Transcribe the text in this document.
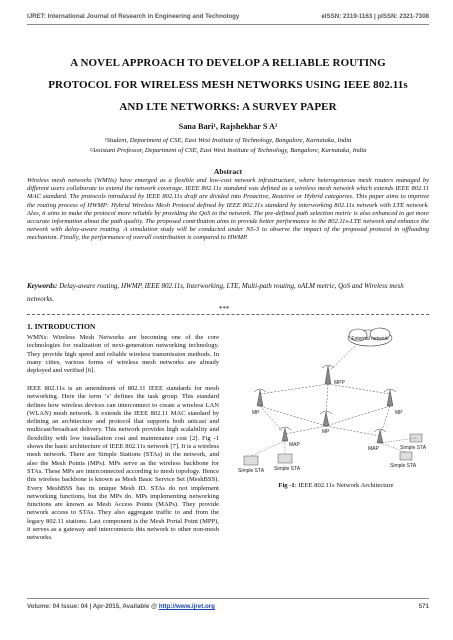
IJRET: International Journal of Research in Engineering and Technology	eISSN: 2319-1163 | pISSN: 2321-7308
A NOVEL APPROACH TO DEVELOP A RELIABLE ROUTING
PROTOCOL FOR WIRELESS MESH NETWORKS USING IEEE 802.11s
AND LTE NETWORKS: A SURVEY PAPER
Sana Bari¹, Rajshekhar S A²
¹Student, Department of CSE, East West Institute of Technology, Bangalore, Karnataka, India
²Assistant Professor, Department of CSE, East West Institute of Technology, Bangalore, Karnataka, India
Abstract
Wireless mesh networks (WMNs) have emerged as a flexible and low-cost network infrastructure, where heterogeneous mesh routers managed by different users collaborate to extend the network coverage. IEEE 802.11s standard was defined as a wireless mesh network which extends IEEE 802.11 MAC standard. The protocols introduced by IEEE 802.11s draft are divided into Proactive, Reactive or Hybrid categories. This paper aims to improve the routing process of HWMP: Hybrid Wireless Mesh Protocol defined by IEEE 802.11s standard by interworking 802.11s network with LTE network. Also, it aims to make the protocol more reliable by providing the QoS to the network. The pre-defined path selection metric is also enhanced to get more accurate information about the path quality. The proposed contribution aims to provide better performance to the 802.11s-LTE network and enhance the network with delay-aware routing. A simulation study will be conducted under NS-3 to observe the impact of the proposed protocol in offloading mechanism. Finally, the performance of overall contribution is compared to HWMP.
Keywords: Delay-aware routing, HWMP, IEEE 802.11s, Interworking, LTE, Multi-path routing, nALM metric, QoS and Wireless mesh networks.
***
1. INTRODUCTION
WMNs: Wireless Mesh Networks are becoming one of the core technologies for realization of next-generation networking technology. They provide high speed and reliable wireless transmission methods. In many cities, various forms of wireless mesh networks are already deployed and verified [6].
IEEE 802.11s is an amendment of 802.11 IEEE standards for mesh networking. Here the term ‘s’ defines the task group. This standard defines how wireless devices can interconnect to create a wireless LAN (WLAN) mesh network. It extends the IEEE 802.11 MAC standard by defining an architecture and protocol that supports both unicast and multicast/broadcast delivery. This network provides high scalability and flexibility with low installation cost and maintenance cost [2]. Fig -1 shows the basic architecture of IEEE 802.11s network [7]. It is a wireless mesh network. There are Simple Stations (STAs) in the network, and also the Mesh Points (MPs). MPs serve as the wireless backbone for STAs. These MPs are interconnected according to mesh topology. Hence this wireless backbone is known as Mesh Basic Service Set (MeshBSS). Every MeshBSS has its unique Mesh ID. STAs do not implement networking functions, but the MPs do. MPs implementing networking functions are known as Mesh Access Points (MAPs). They provide network access to STAs. They also aggregate traffic to and from the legacy 802.11 stations. Last component is the Mesh Portal Point (MPP), it serves as a gateway and interconnects this network to other non-mesh networks.
External network
MPP
MP	MP
MP
MAP
MAP
Simple STA Simple STA
Simple STA
Simple STA
Fig -1: IEEE 802.11s Network Architecture
Volume: 04 Issue: 04 | Apr-2015, Available @ http://www.ijret.org	571
